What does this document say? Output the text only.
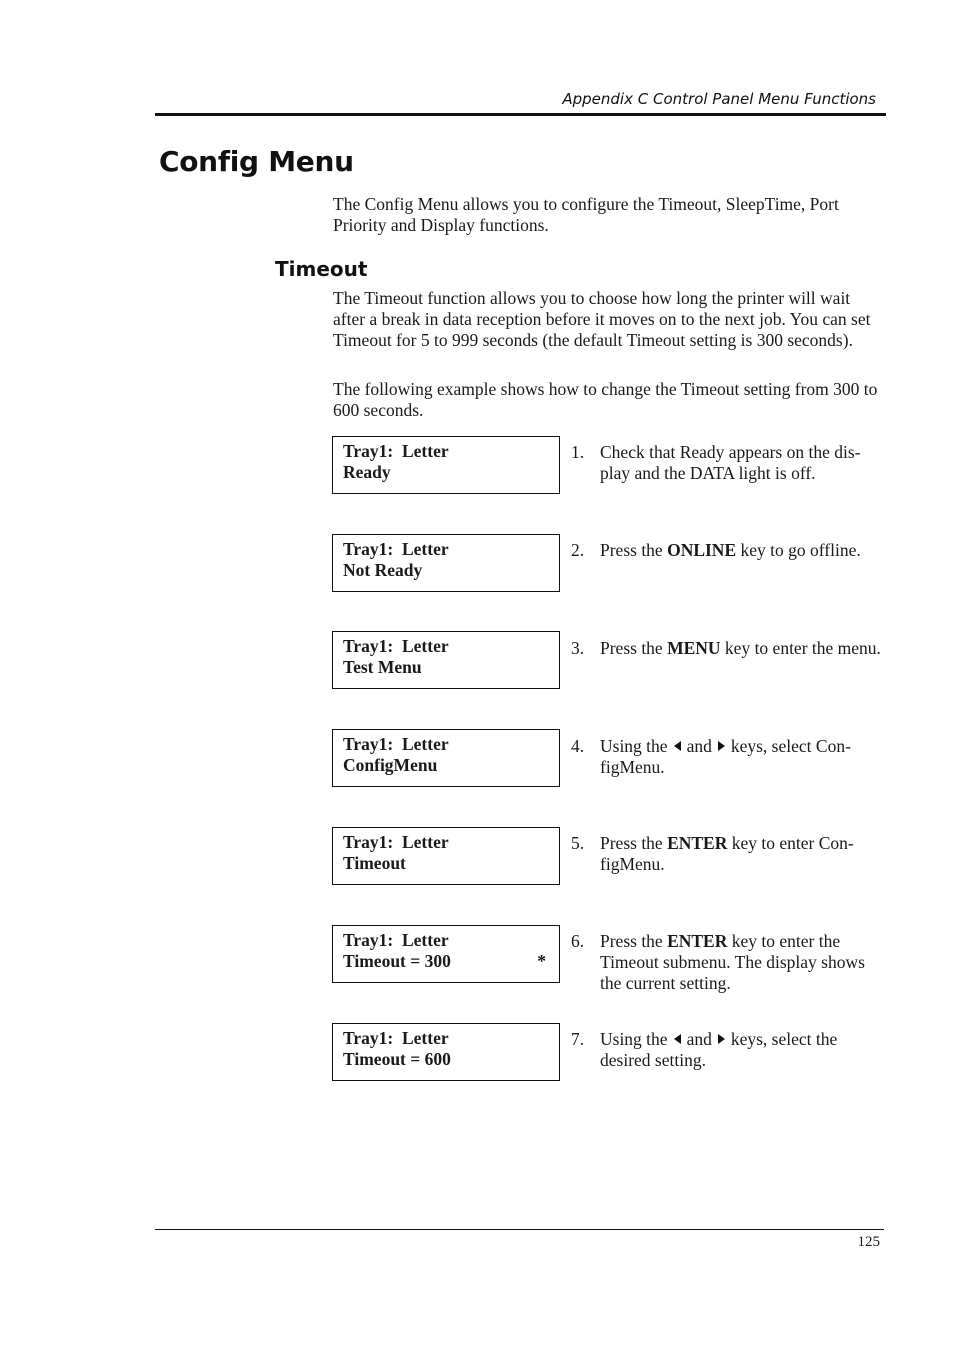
Appendix C Control Panel Menu Functions
Config Menu

The Config Menu allows you to configure the Timeout, SleepTime, Port Priority and Display functions.

Timeout

The Timeout function allows you to choose how long the printer will wait after a break in data reception before it moves on to the next job. You can set Timeout for 5 to 999 seconds (the default Timeout setting is 300 seconds).

The following example shows how to change the Timeout setting from 300 to 600 seconds.

Tray1:  Letter
Ready
1. Check that Ready appears on the dis-play and the DATA light is off.
Tray1:  Letter
Not Ready
2. Press the ONLINE key to go offline.
Tray1:  Letter
Test Menu
3. Press the MENU key to enter the menu.
Tray1:  Letter
ConfigMenu
4. Using the and keys, select Con-figMenu.
Tray1:  Letter
Timeout
5. Press the ENTER key to enter Con-figMenu.
Tray1:  Letter
Timeout = 300	*
6. Press the ENTER key to enter the Timeout submenu. The display shows the current setting.
Tray1:  Letter
Timeout = 600
7. Using the and keys, select the desired setting.
125
